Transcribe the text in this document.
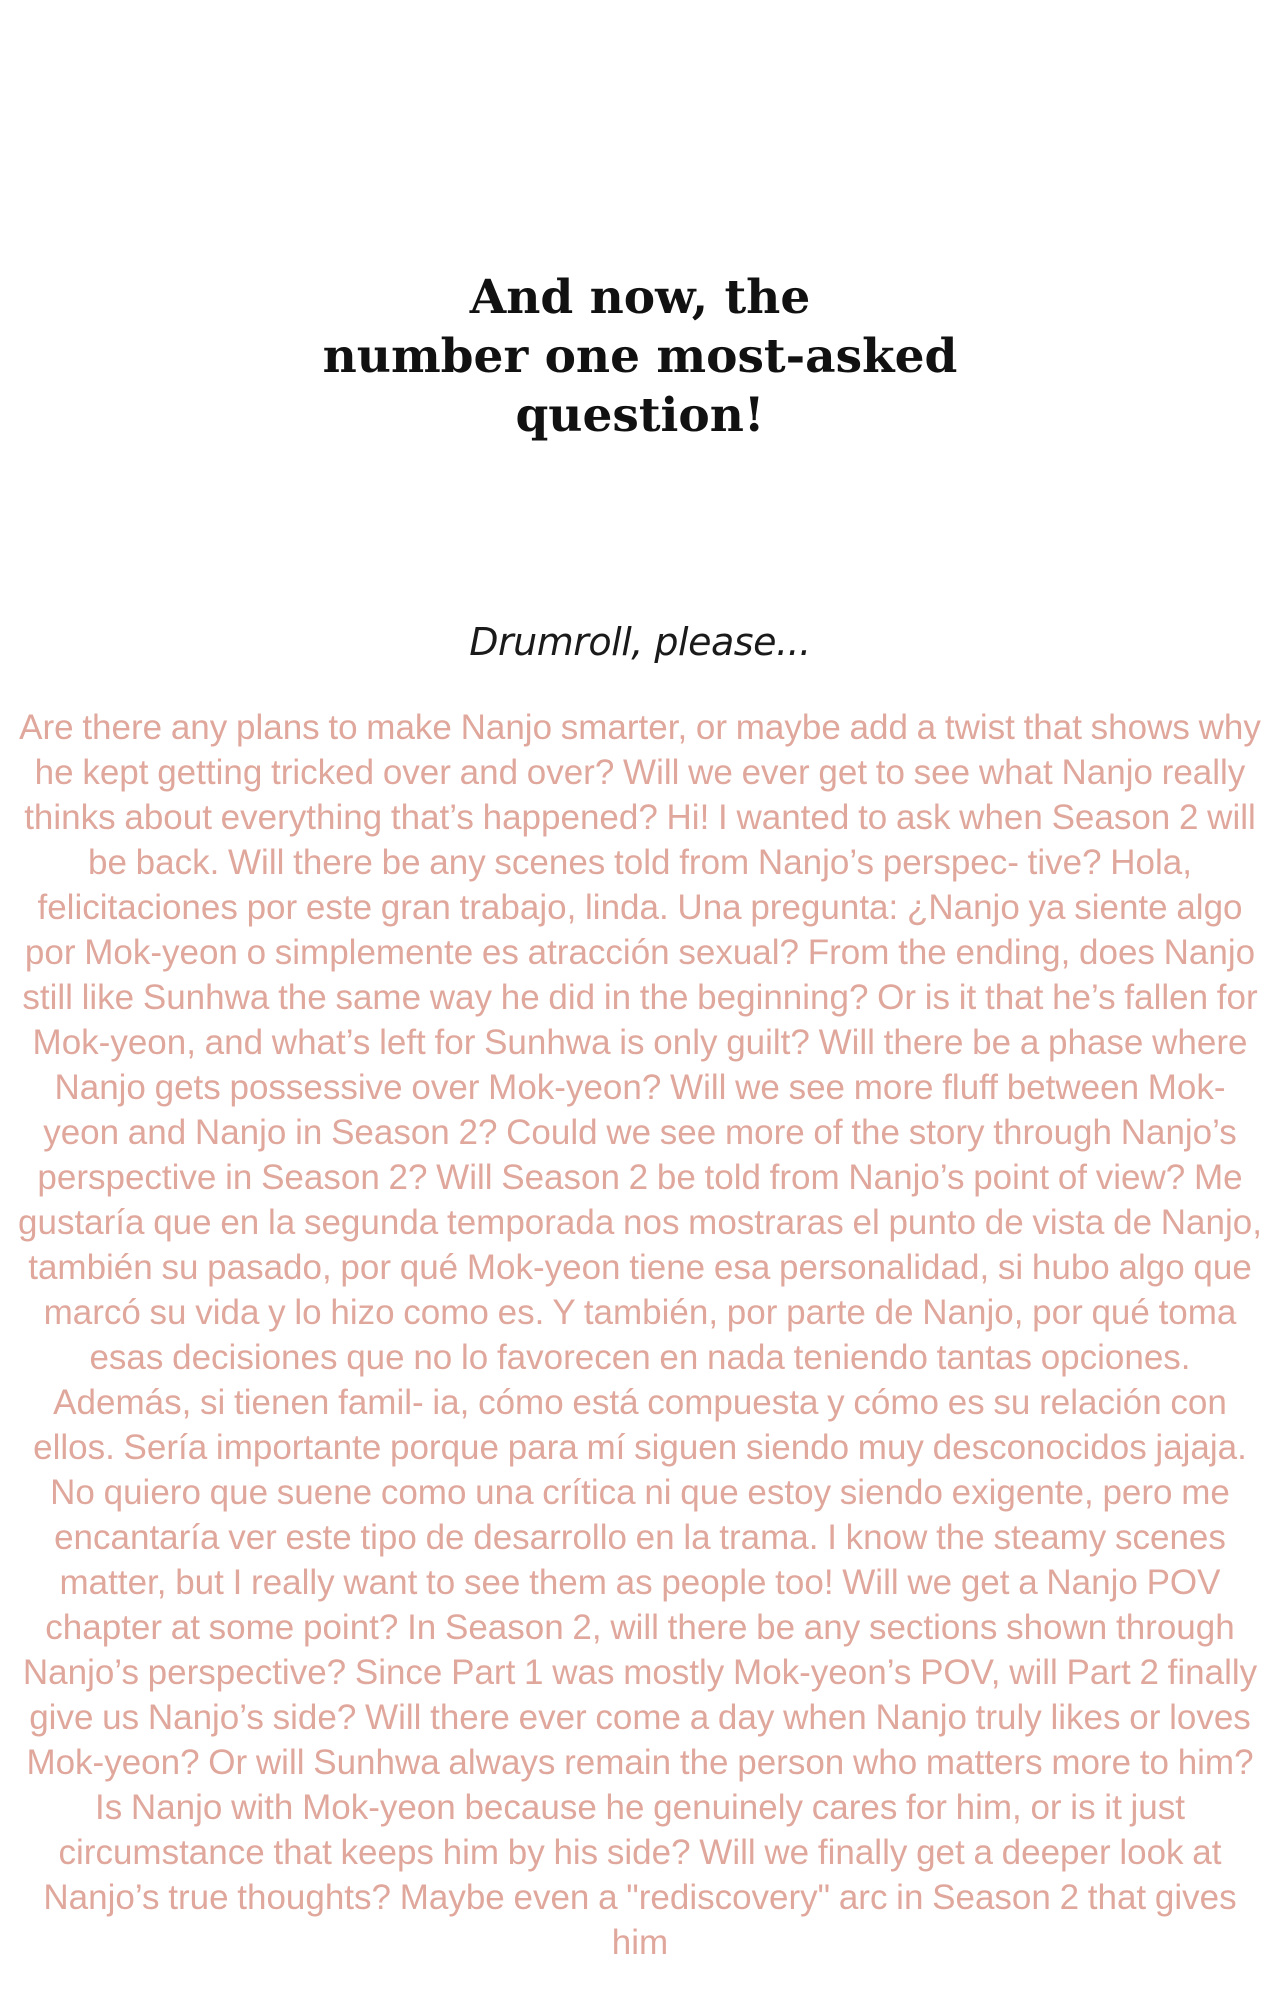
And now, the
number one most-asked
question!

Drumroll, please...

Are there any plans to make Nanjo smarter, or maybe add a twist that shows why he kept getting tricked over and over? Will we ever get to see what Nanjo really thinks about everything that’s happened? Hi! I wanted to ask when Season 2 will be back. Will there be any scenes told from Nanjo’s perspec- tive? Hola, felicitaciones por este gran trabajo, linda. Una pregunta: ¿Nanjo ya siente algo por Mok-yeon o simplemente es atracción sexual? From the ending, does Nanjo still like Sunhwa the same way he did in the beginning? Or is it that he’s fallen for Mok-yeon, and what’s left for Sunhwa is only guilt? Will there be a phase where Nanjo gets possessive over Mok-yeon? Will we see more fluff between Mok-yeon and Nanjo in Season 2? Could we see more of the story through Nanjo’s perspective in Season 2? Will Season 2 be told from Nanjo’s point of view? Me gustaría que en la segunda temporada nos mostraras el punto de vista de Nanjo, también su pasado, por qué Mok-yeon tiene esa personalidad, si hubo algo que marcó su vida y lo hizo como es. Y también, por parte de Nanjo, por qué toma esas decisiones que no lo favorecen en nada teniendo tantas opciones. Además, si tienen famil- ia, cómo está compuesta y cómo es su relación con ellos. Sería importante porque para mí siguen siendo muy desconocidos jajaja. No quiero que suene como una crítica ni que estoy siendo exigente, pero me encantaría ver este tipo de desarrollo en la trama. I know the steamy scenes matter, but I really want to see them as people too! Will we get a Nanjo POV chapter at some point? In Season 2, will there be any sections shown through Nanjo’s perspective? Since Part 1 was mostly Mok-yeon’s POV, will Part 2 finally give us Nanjo’s side? Will there ever come a day when Nanjo truly likes or loves Mok-yeon? Or will Sunhwa always remain the person who matters more to him? Is Nanjo with Mok-yeon because he genuinely cares for him, or is it just circumstance that keeps him by his side? Will we finally get a deeper look at Nanjo’s true thoughts? Maybe even a "rediscovery" arc in Season 2 that gives him
